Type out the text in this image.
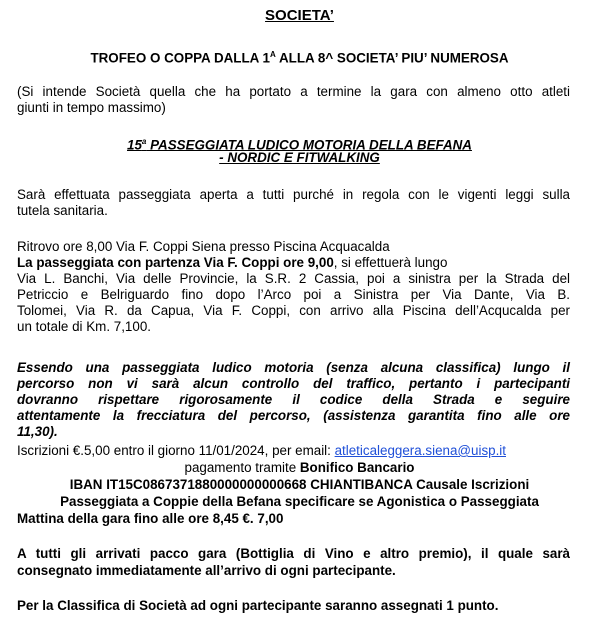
SOCIETA’
TROFEO O COPPA DALLA $1^A$ ALLA 8^ SOCIETA’ PIU’ NUMEROSA
(Si intende Società quella che ha portato a termine la gara con almeno otto atleti
giunti in tempo massimo)
15$^a$ PASSEGGIATA LUDICO MOTORIA DELLA BEFANA
- NORDIC E FITWALKING
Sarà effettuata passeggiata aperta a tutti purché in regola con le vigenti leggi sulla
tutela sanitaria.
Ritrovo ore 8,00 Via F. Coppi Siena presso Piscina Acquacalda
La passeggiata con partenza Via F. Coppi ore 9,00, si effettuerà lungo
Via L. Banchi, Via delle Provincie, la S.R. 2 Cassia, poi a sinistra per la Strada del
Petriccio e Belriguardo fino dopo l’Arco poi a Sinistra per Via Dante, Via B.
Tolomei, Via R. da Capua, Via F. Coppi, con arrivo alla Piscina dell’Acqucalda per
un totale di Km. 7,100.
Essendo una passeggiata ludico motoria (senza alcuna classifica) lungo il
percorso non vi sarà alcun controllo del traffico, pertanto i partecipanti
dovranno rispettare rigorosamente il codice della Strada e seguire
attentamente la frecciatura del percorso, (assistenza garantita fino alle ore
11,30).
Iscrizioni €.5,00 entro il giorno 11/01/2024, per email: atleticaleggera.siena@uisp.it
pagamento tramite Bonifico Bancario
IBAN IT15C0867371880000000000668 CHIANTIBANCA Causale Iscrizioni
Passeggiata a Coppie della Befana specificare se Agonistica o Passeggiata
Mattina della gara fino alle ore 8,45 €. 7,00
A tutti gli arrivati pacco gara (Bottiglia di Vino e altro premio), il quale sarà
consegnato immediatamente all’arrivo di ogni partecipante.
Per la Classifica di Società ad ogni partecipante saranno assegnati 1 punto.
